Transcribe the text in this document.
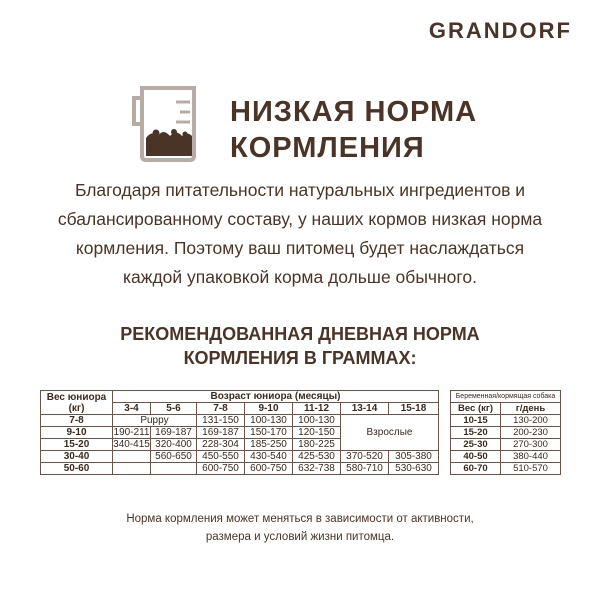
GRANDORF
НИЗКАЯ НОРМА
КОРМЛЕНИЯ
Благодаря питательности натуральных ингредиентов и
сбалансированному составу, у наших кормов низкая норма
кормления. Поэтому ваш питомец будет наслаждаться
каждой упаковкой корма дольше обычного.
РЕКОМЕНДОВАННАЯ ДНЕВНАЯ НОРМА
КОРМЛЕНИЯ В ГРАММАХ:
Вес юниора (кг)	Возраст юниора (месяцы)						
	3-4	5-6	7-8	9-10	11-12	13-14	15-18
7-8	Puppy		131-150	100-130	100-130	Взрослые	
9-10	190-211	169-187	169-187	150-170	120-150		
15-20	340-415	320-400	228-304	185-250	180-225		
30-40		560-650	450-550	430-540	425-530	370-520	305-380
50-60			600-750	600-750	632-738	580-710	530-630
Беременная/кормящая собака	
Вес (кг)	г/день
10-15	130-200
15-20	200-230
25-30	270-300
40-50	380-440
60-70	510-570
Норма кормления может меняться в зависимости от активности,
размера и условий жизни питомца.
